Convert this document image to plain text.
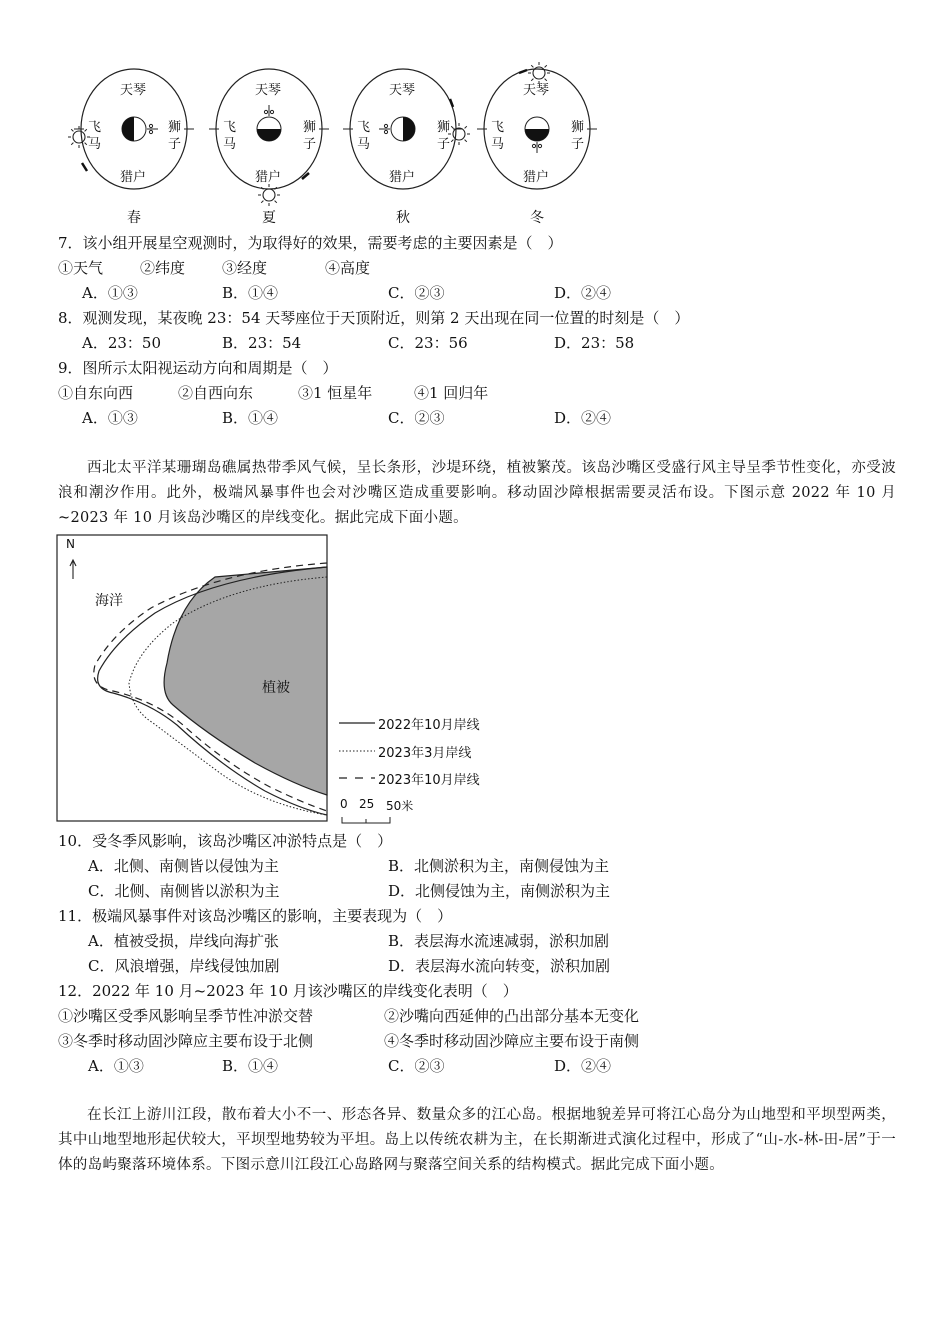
天琴
猎户
飞
马
狮
子
春
天琴
猎户
飞
马
狮
子
夏
天琴
猎户
飞
马
狮
子
秋
天琴
猎户
飞
马
狮
子
冬
7．该小组开展星空观测时，为取得好的效果，需要考虑的主要因素是（　）
①天气 ②纬度 ③经度	④高度
A．①③	B．①④	C．②③	D．②④
8．观测发现，某夜晚 23：54 天琴座位于天顶附近，则第 2 天出现在同一位置的时刻是（　）
A．23：50	B．23：54	C．23：56	D．23：58
9．图所示太阳视运动方向和周期是（　）
①自东向西	②自西向东	③1 恒星年	④1 回归年
A．①③	B．①④	C．②③	D．②④
西北太平洋某珊瑚岛礁属热带季风气候，呈长条形，沙堤环绕，植被繁茂。该岛沙嘴区受盛行风主导呈季节性变化，亦受波浪和潮汐作用。此外，极端风暴事件也会对沙嘴区造成重要影响。移动固沙障根据需要灵活布设。下图示意 2022 年 10 月~2023 年 10 月该岛沙嘴区的岸线变化。据此完成下面小题。
N
海洋
植被
2022年10月岸线
2023年3月岸线
2023年10月岸线
0 25 50米
10．受冬季风影响，该岛沙嘴区冲淤特点是（　）
A．北侧、南侧皆以侵蚀为主	B．北侧淤积为主，南侧侵蚀为主
C．北侧、南侧皆以淤积为主	D．北侧侵蚀为主，南侧淤积为主
11．极端风暴事件对该岛沙嘴区的影响，主要表现为（　）
A．植被受损，岸线向海扩张	B．表层海水流速减弱，淤积加剧
C．风浪增强，岸线侵蚀加剧	D．表层海水流向转变，淤积加剧
12．2022 年 10 月~2023 年 10 月该沙嘴区的岸线变化表明（　）
①沙嘴区受季风影响呈季节性冲淤交替	②沙嘴向西延伸的凸出部分基本无变化
③冬季时移动固沙障应主要布设于北侧	④冬季时移动固沙障应主要布设于南侧
A．①③	B．①④	C．②③	D．②④
在长江上游川江段，散布着大小不一、形态各异、数量众多的江心岛。根据地貌差异可将江心岛分为山地型和平坝型两类，其中山地型地形起伏较大，平坝型地势较为平坦。岛上以传统农耕为主，在长期渐进式演化过程中，形成了“山-水-林-田-居”于一体的岛屿聚落环境体系。下图示意川江段江心岛路网与聚落空间关系的结构模式。据此完成下面小题。
